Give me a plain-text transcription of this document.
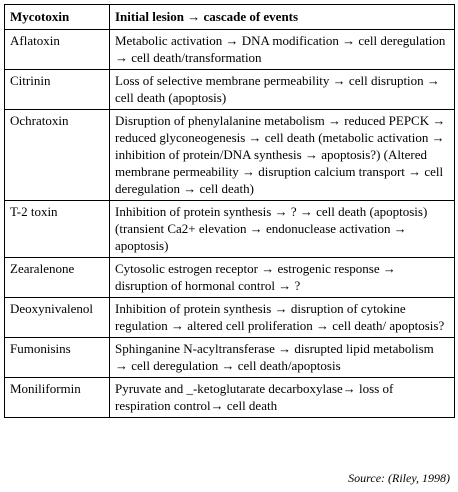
Mycotoxin	Initial lesion → cascade of events
Aflatoxin	Metabolic activation → DNA modification → cell deregulation → cell death/transformation
Citrinin	Loss of selective membrane permeability → cell disruption → cell death (apoptosis)
Ochratoxin	Disruption of phenylalanine metabolism → reduced PEPCK → reduced glyconeogenesis → cell death (metabolic activation → inhibition of protein/DNA synthesis → apoptosis?) (Altered membrane permeability → disruption calcium transport → cell deregulation → cell death)
T-2 toxin	Inhibition of protein synthesis → ? → cell death (apoptosis) (transient Ca2+ elevation → endonuclease activation → apoptosis)
Zearalenone	Cytosolic estrogen receptor → estrogenic response → disruption of hormonal control → ?
Deoxynivalenol	Inhibition of protein synthesis → disruption of cytokine regulation → altered cell proliferation → cell death/ apoptosis?
Fumonisins	Sphinganine N-acyltransferase → disrupted lipid metabolism → cell deregulation → cell death/apoptosis
Moniliformin	Pyruvate and _-ketoglutarate decarboxylase→ loss of respiration control→ cell death
Source: (Riley, 1998)
